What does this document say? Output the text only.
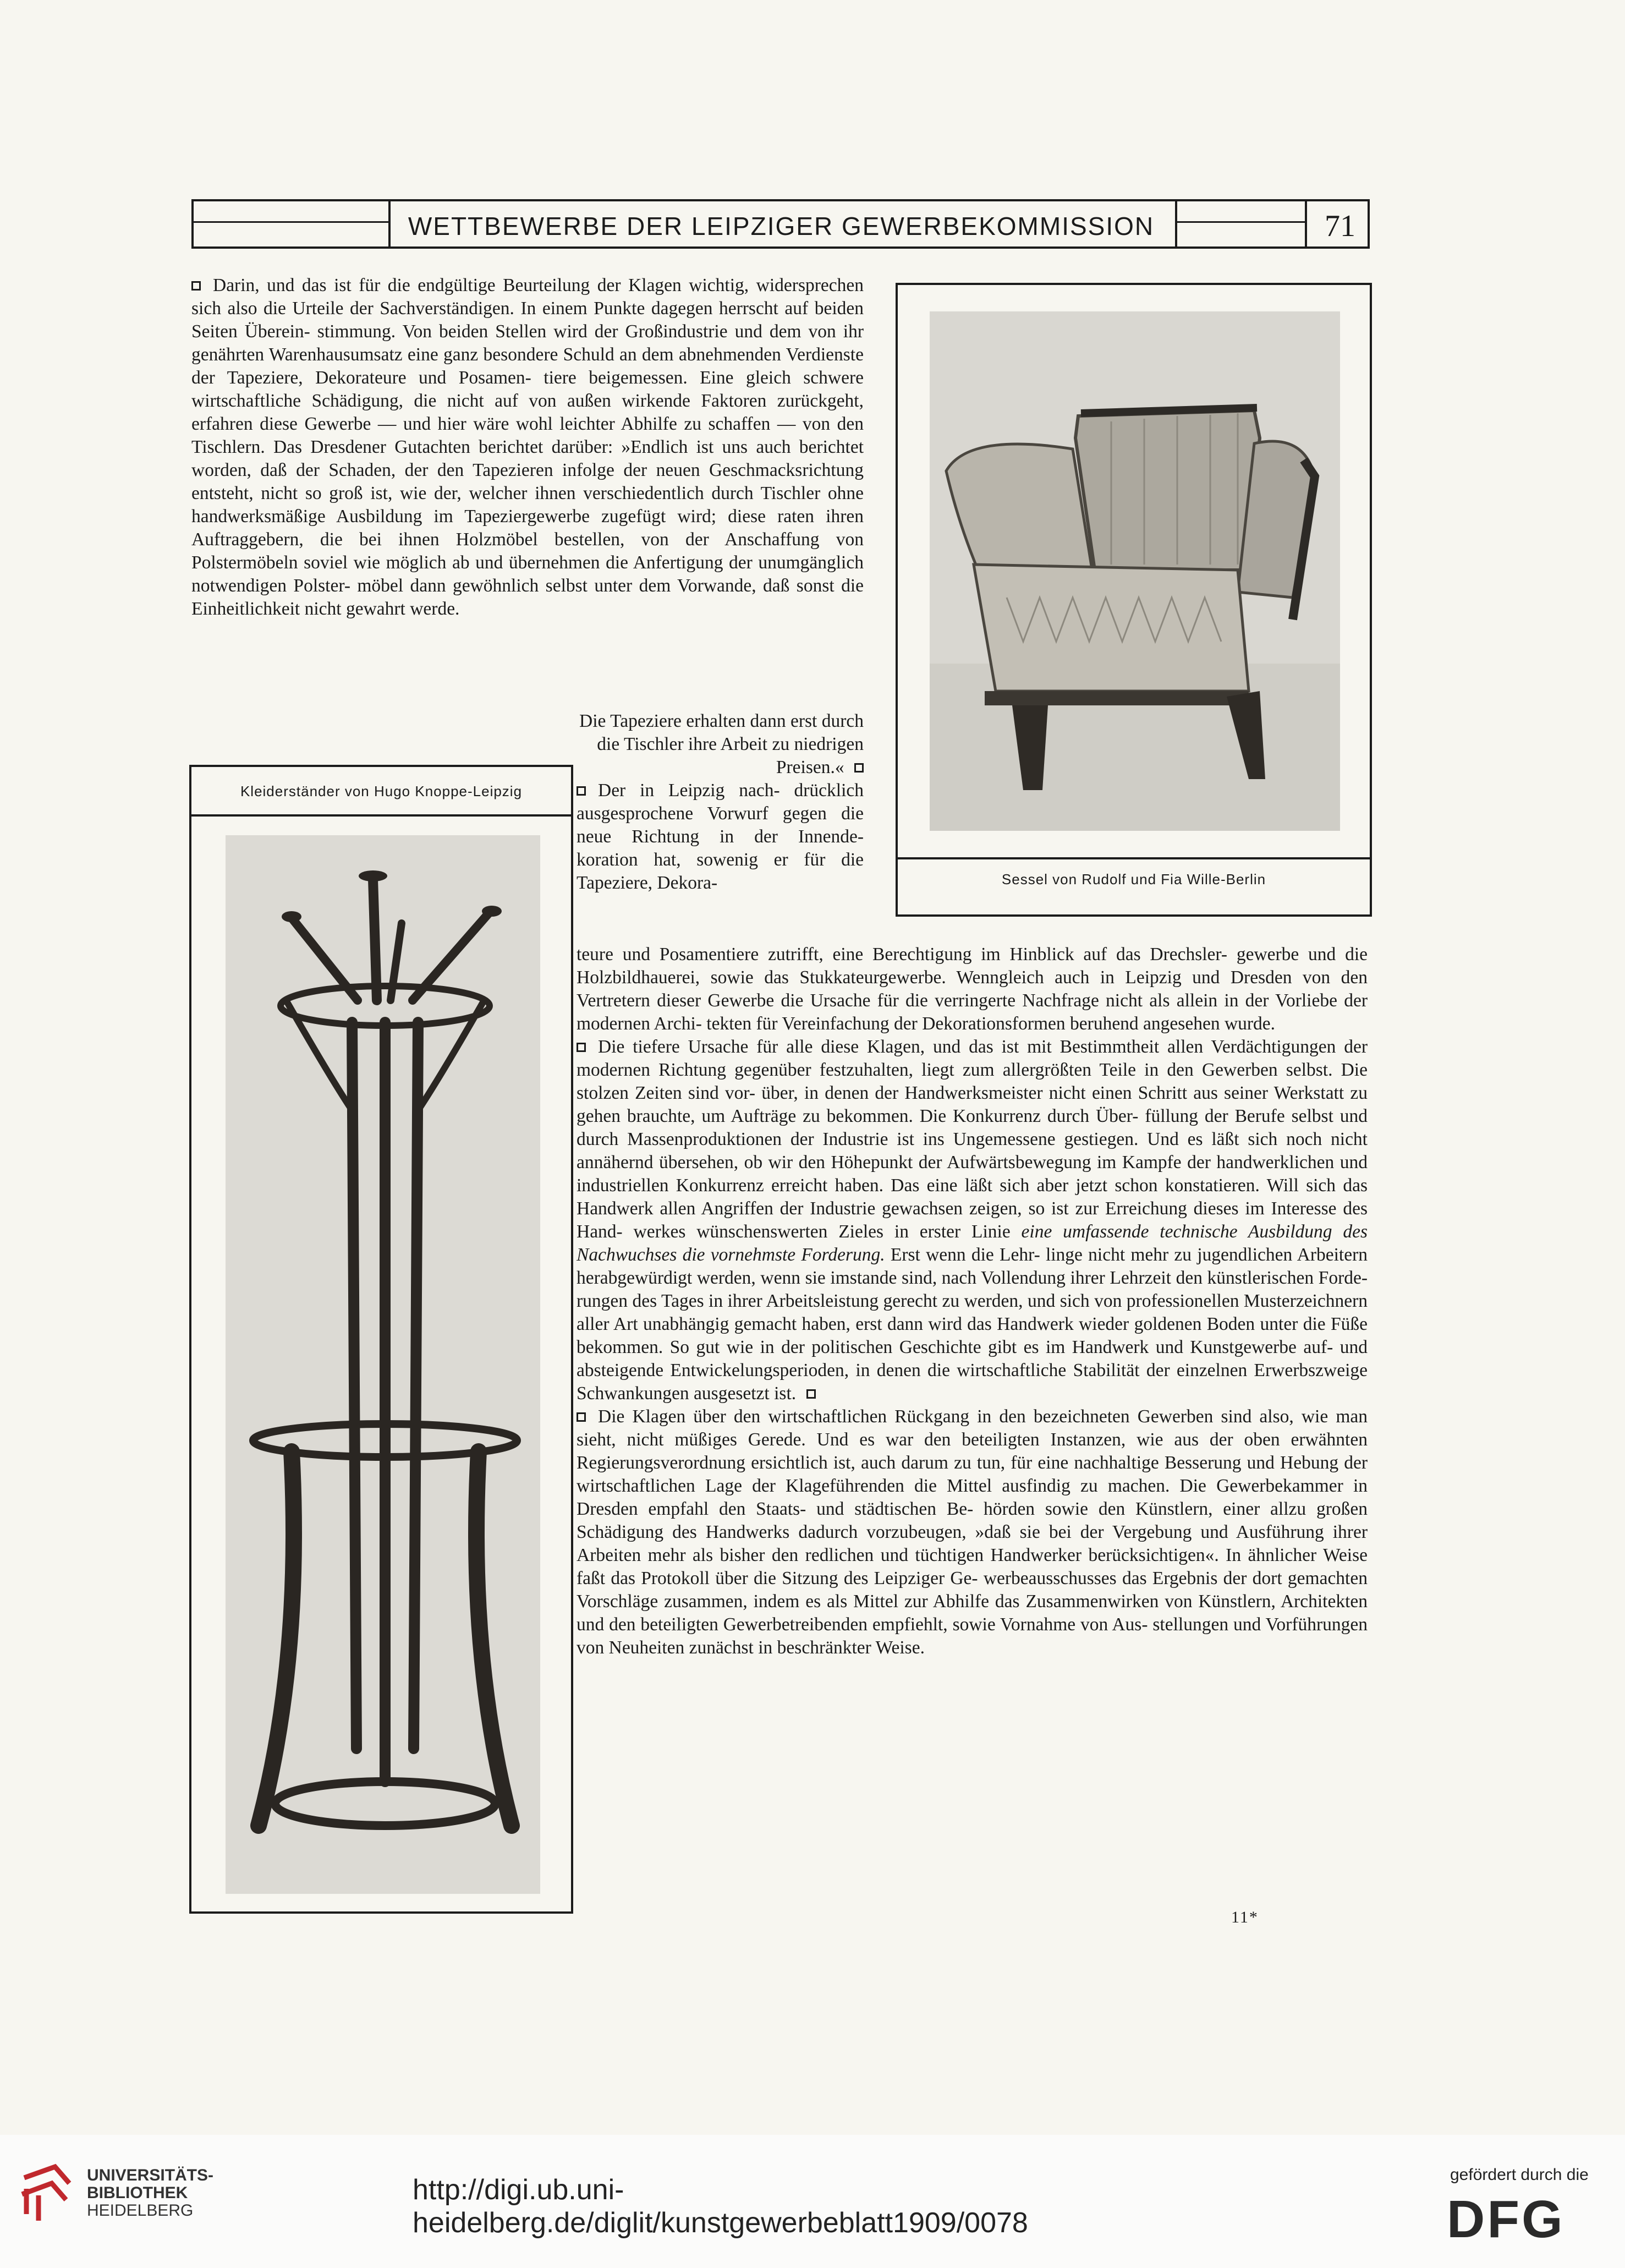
WETTBEWERBE DER LEIPZIGER GEWERBEKOMMISSION	71

Darin, und das ist für die endgültige Beurteilung der Klagen wichtig, widersprechen sich also die Urteile der Sachverständigen. In einem Punkte dagegen herrscht auf beiden Seiten Überein- stimmung. Von beiden Stellen wird der Großindustrie und dem von ihr genährten Warenhausumsatz eine ganz besondere Schuld an dem abnehmenden Verdienste der Tapeziere, Dekorateure und Posamen- tiere beigemessen. Eine gleich schwere wirtschaftliche Schädigung, die nicht auf von außen wirkende Faktoren zurückgeht, erfahren diese Gewerbe — und hier wäre wohl leichter Abhilfe zu schaffen — von den Tischlern. Das Dresdener Gutachten berichtet darüber: »Endlich ist uns auch berichtet worden, daß der Schaden, der den Tapezieren infolge der neuen Geschmacksrichtung entsteht, nicht so groß ist, wie der, welcher ihnen verschiedentlich durch Tischler ohne handwerksmäßige Ausbildung im Tapeziergewerbe zugefügt wird; diese raten ihren Auftraggebern, die bei ihnen Holzmöbel bestellen, von der Anschaffung von Polstermöbeln soviel wie möglich ab und übernehmen die Anfertigung der unumgänglich notwendigen Polster- möbel dann gewöhnlich selbst unter dem Vorwande, daß sonst die Einheitlichkeit nicht gewahrt werde.

Die Tapeziere erhalten dann erst durch die Tischler ihre Arbeit zu niedrigen Preisen.«

Der in Leipzig nach- drücklich ausgesprochene Vorwurf gegen die neue Richtung in der Innende- koration hat, sowenig er für die Tapeziere, Dekora-	Sessel von Rudolf und Fia Wille-Berlin
Kleiderständer von Hugo Knoppe-Leipzig

teure und Posamentiere zutrifft, eine Berechtigung im Hinblick auf das Drechsler- gewerbe und die Holzbildhauerei, sowie das Stukkateurgewerbe. Wenngleich auch in Leipzig und Dresden von den Vertretern dieser Gewerbe die Ursache für die verringerte Nachfrage nicht als allein in der Vorliebe der modernen Archi- tekten für Vereinfachung der Dekorationsformen beruhend angesehen wurde.

Die tiefere Ursache für alle diese Klagen, und das ist mit Bestimmtheit allen Verdächtigungen der modernen Richtung gegenüber festzuhalten, liegt zum allergrößten Teile in den Gewerben selbst. Die stolzen Zeiten sind vor- über, in denen der Handwerksmeister nicht einen Schritt aus seiner Werkstatt zu gehen brauchte, um Aufträge zu bekommen. Die Konkurrenz durch Über- füllung der Berufe selbst und durch Massenproduktionen der Industrie ist ins Ungemessene gestiegen. Und es läßt sich noch nicht annähernd übersehen, ob wir den Höhepunkt der Aufwärtsbewegung im Kampfe der handwerklichen und industriellen Konkurrenz erreicht haben. Das eine läßt sich aber jetzt schon konstatieren. Will sich das Handwerk allen Angriffen der Industrie gewachsen zeigen, so ist zur Erreichung dieses im Interesse des Hand- werkes wünschenswerten Zieles in erster Linie eine umfassende technische Ausbildung des Nachwuchses die vornehmste Forderung. Erst wenn die Lehr- linge nicht mehr zu jugendlichen Arbeitern herabgewürdigt werden, wenn sie imstande sind, nach Vollendung ihrer Lehrzeit den künstlerischen Forde- rungen des Tages in ihrer Arbeitsleistung gerecht zu werden, und sich von professionellen Musterzeichnern aller Art unabhängig gemacht haben, erst dann wird das Handwerk wieder goldenen Boden unter die Füße bekommen. So gut wie in der politischen Geschichte gibt es im Handwerk und Kunstgewerbe auf- und absteigende Entwickelungsperioden, in denen die wirtschaftliche Stabilität der einzelnen Erwerbszweige Schwankungen ausgesetzt ist.

Die Klagen über den wirtschaftlichen Rückgang in den bezeichneten Gewerben sind also, wie man sieht, nicht müßiges Gerede. Und es war den beteiligten Instanzen, wie aus der oben erwähnten Regierungsverordnung ersichtlich ist, auch darum zu tun, für eine nachhaltige Besserung und Hebung der wirtschaftlichen Lage der Klageführenden die Mittel ausfindig zu machen. Die Gewerbekammer in Dresden empfahl den Staats- und städtischen Be- hörden sowie den Künstlern, einer allzu großen Schädigung des Handwerks dadurch vorzubeugen, »daß sie bei der Vergebung und Ausführung ihrer Arbeiten mehr als bisher den redlichen und tüchtigen Handwerker berücksichtigen«. In ähnlicher Weise faßt das Protokoll über die Sitzung des Leipziger Ge- werbeausschusses das Ergebnis der dort gemachten Vorschläge zusammen, indem es als Mittel zur Abhilfe das Zusammenwirken von Künstlern, Architekten und den beteiligten Gewerbetreibenden empfiehlt, sowie Vornahme von Aus- stellungen und Vorführungen von Neuheiten zunächst in beschränkter Weise.

11*
UNIVERSITÄTS-
BIBLIOTHEK
HEIDELBERG
http://digi.ub.uni-heidelberg.de/diglit/kunstgewerbeblatt1909/0078
gefördert durch die
DFG
